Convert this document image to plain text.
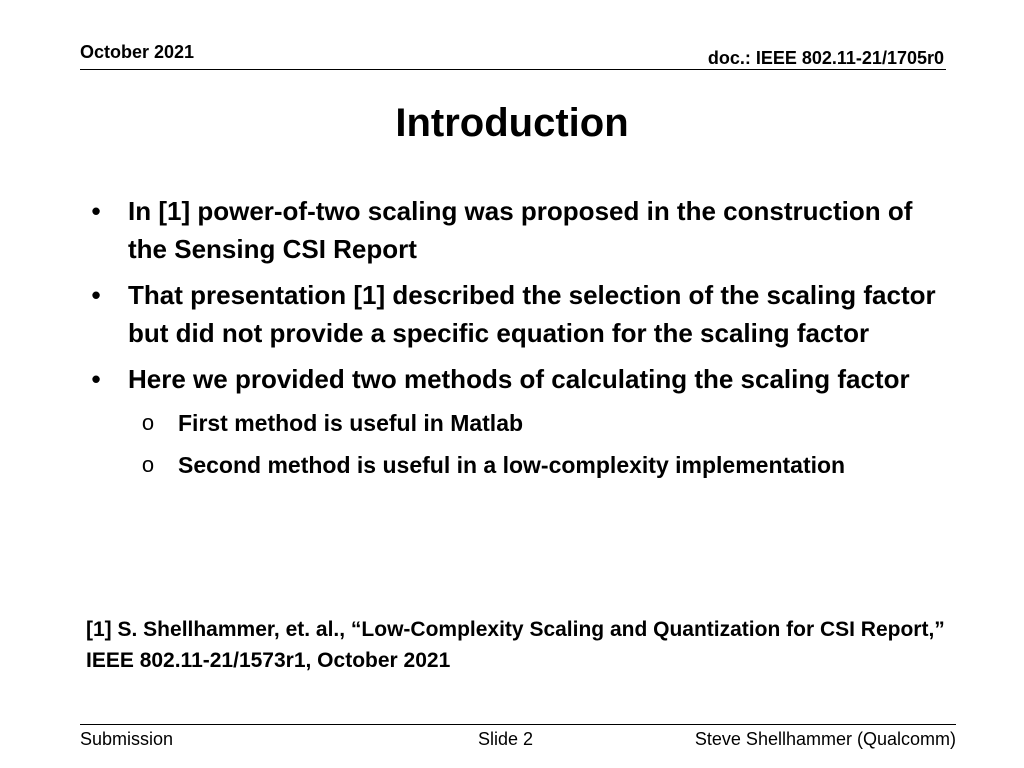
October 2021	doc.: IEEE 802.11-21/1705r0
Introduction
• In [1] power-of-two scaling was proposed in the construction of the Sensing CSI Report
• That presentation [1] described the selection of the scaling factor but did not provide a specific equation for the scaling factor
• Here we provided two methods of calculating the scaling factor
o First method is useful in Matlab
o Second method is useful in a low-complexity implementation
[1] S. Shellhammer, et. al., “Low-Complexity Scaling and Quantization for CSI Report,” IEEE 802.11-21/1573r1, October 2021
Submission	Slide 2	Steve Shellhammer (Qualcomm)
